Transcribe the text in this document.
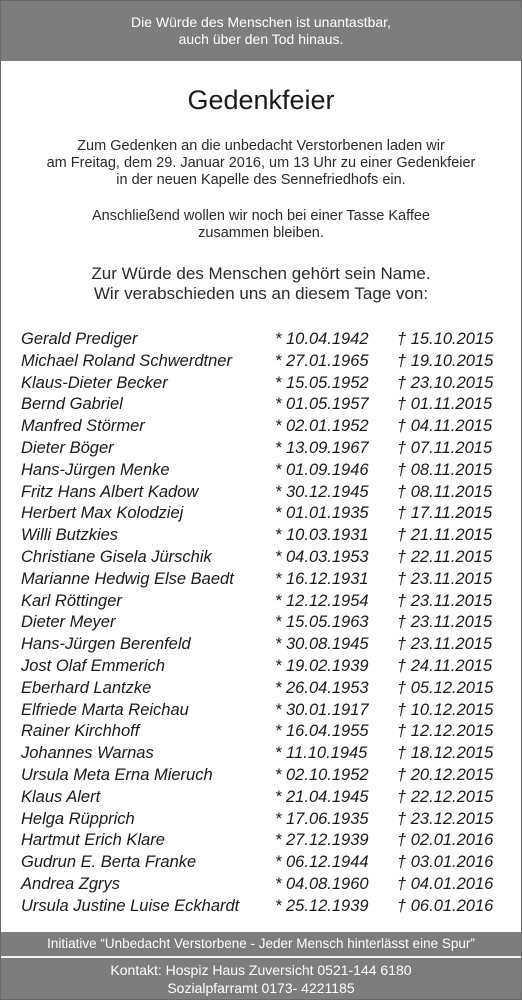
Die Würde des Menschen ist unantastbar,
auch über den Tod hinaus.
Gedenkfeier
Zum Gedenken an die unbedacht Verstorbenen laden wir
am Freitag, dem 29. Januar 2016, um 13 Uhr zu einer Gedenkfeier
in der neuen Kapelle des Sennefriedhofs ein.
Anschließend wollen wir noch bei einer Tasse Kaffee
zusammen bleiben.
Zur Würde des Menschen gehört sein Name.
Wir verabschieden uns an diesem Tage von:
Gerald Prediger	* 10.04.1942 † 15.10.2015
Michael Roland Schwerdtner	* 27.01.1965 † 19.10.2015
Klaus-Dieter Becker	* 15.05.1952 † 23.10.2015
Bernd Gabriel	* 01.05.1957 † 01.11.2015
Manfred Störmer	* 02.01.1952 † 04.11.2015
Dieter Böger	* 13.09.1967 † 07.11.2015
Hans-Jürgen Menke	* 01.09.1946 † 08.11.2015
Fritz Hans Albert Kadow	* 30.12.1945 † 08.11.2015
Herbert Max Kolodziej	* 01.01.1935 † 17.11.2015
Willi Butzkies	* 10.03.1931 † 21.11.2015
Christiane Gisela Jürschik	* 04.03.1953 † 22.11.2015
Marianne Hedwig Else Baedt * 16.12.1931 † 23.11.2015
Karl Röttinger	* 12.12.1954 † 23.11.2015
Dieter Meyer	* 15.05.1963 † 23.11.2015
Hans-Jürgen Berenfeld	* 30.08.1945 † 23.11.2015
Jost Olaf Emmerich	* 19.02.1939 † 24.11.2015
Eberhard Lantzke	* 26.04.1953 † 05.12.2015
Elfriede Marta Reichau	* 30.01.1917 † 10.12.2015
Rainer Kirchhoff	* 16.04.1955 † 12.12.2015
Johannes Warnas	* 11.10.1945 † 18.12.2015
Ursula Meta Erna Mieruch	* 02.10.1952 † 20.12.2015
Klaus Alert	* 21.04.1945 † 22.12.2015
Helga Rüpprich	* 17.06.1935 † 23.12.2015
Hartmut Erich Klare	* 27.12.1939 † 02.01.2016
Gudrun E. Berta Franke	* 06.12.1944 † 03.01.2016
Andrea Zgrys	* 04.08.1960 † 04.01.2016
Ursula Justine Luise Eckhardt * 25.12.1939 † 06.01.2016
Initiative “Unbedacht Verstorbene - Jeder Mensch hinterlässt eine Spur”
Kontakt: Hospiz Haus Zuversicht 0521-144 6180
Sozialpfarramt 0173- 4221185
